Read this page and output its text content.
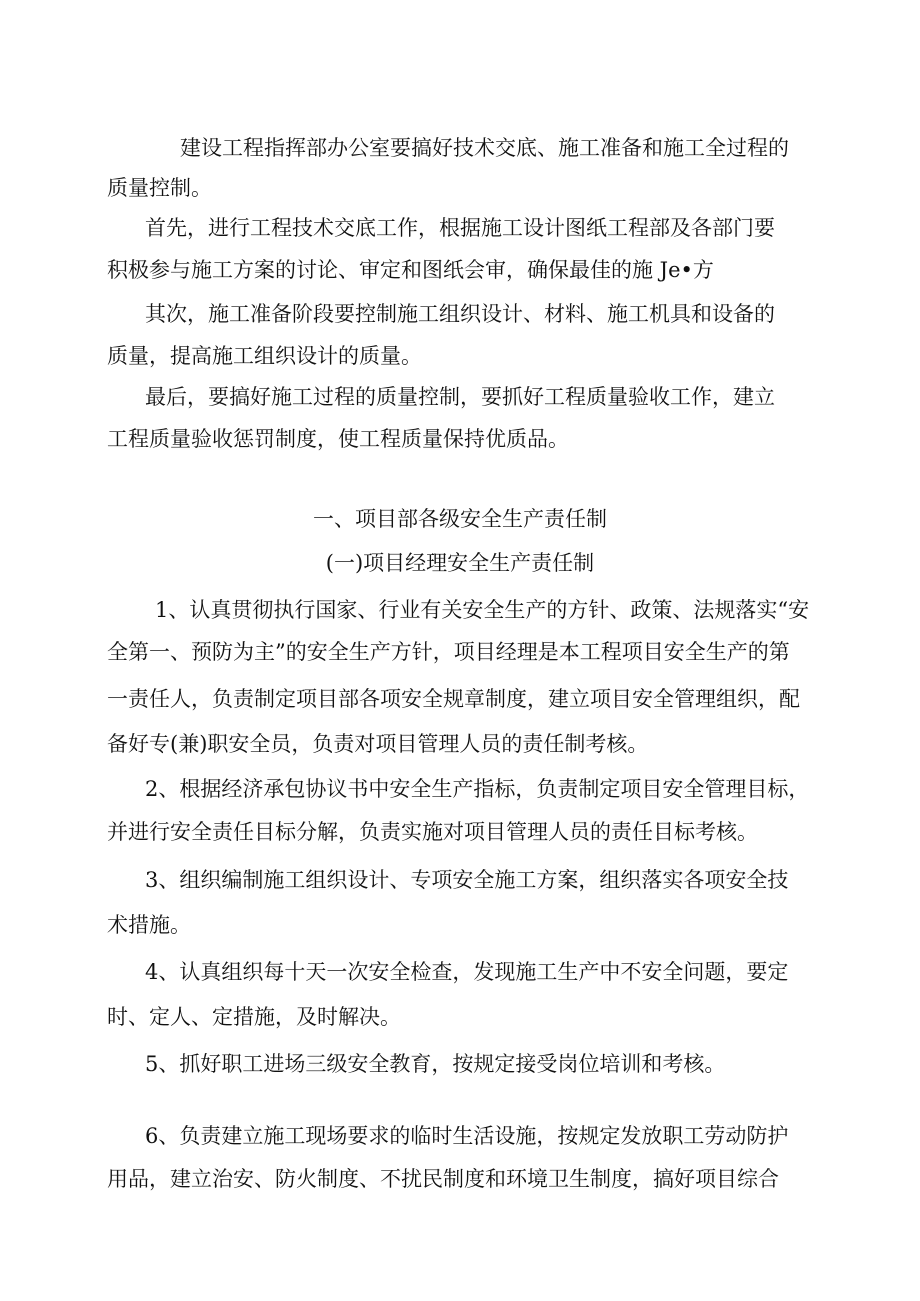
建设工程指挥部办公室要搞好技术交底、施工准备和施工全过程的
质量控制。
首先，进行工程技术交底工作，根据施工设计图纸工程部及各部门要
积极参与施工方案的讨论、审定和图纸会审，确保最佳的施 Je•方
其次，施工准备阶段要控制施工组织设计、材料、施工机具和设备的
质量，提高施工组织设计的质量。
最后，要搞好施工过程的质量控制，要抓好工程质量验收工作，建立
工程质量验收惩罚制度，使工程质量保持优质品。
一、项目部各级安全生产责任制
(一)项目经理安全生产责任制
1、认真贯彻执行国家、行业有关安全生产的方针、政策、法规落实“安
全第一、预防为主”的安全生产方针，项目经理是本工程项目安全生产的第
一责任人，负责制定项目部各项安全规章制度，建立项目安全管理组织，配
备好专(兼)职安全员，负责对项目管理人员的责任制考核。
2、根据经济承包协议书中安全生产指标，负责制定项目安全管理目标，
并进行安全责任目标分解，负责实施对项目管理人员的责任目标考核。
3、组织编制施工组织设计、专项安全施工方案，组织落实各项安全技
术措施。
4、认真组织每十天一次安全检查，发现施工生产中不安全问题，要定
时、定人、定措施，及时解决。
5、抓好职工进场三级安全教育，按规定接受岗位培训和考核。
6、负责建立施工现场要求的临时生活设施，按规定发放职工劳动防护
用品，建立治安、防火制度、不扰民制度和环境卫生制度，搞好项目综合
